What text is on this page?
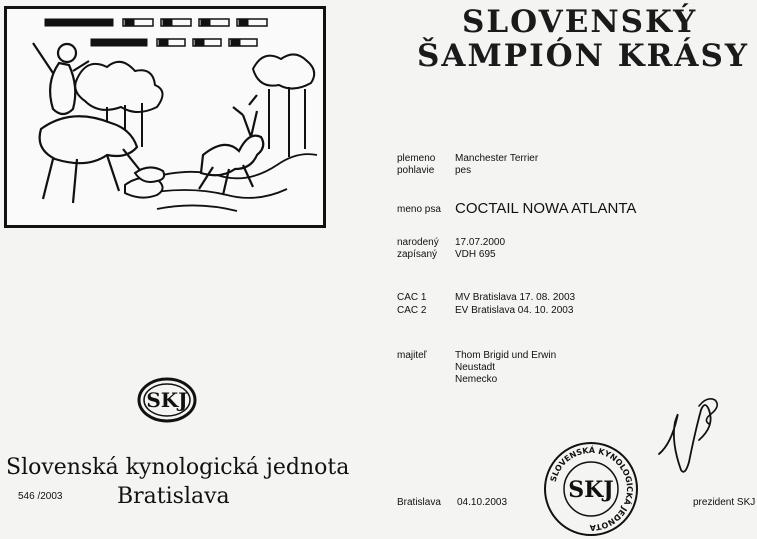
SLOVENSKÝ
ŠAMPIÓN KRÁSY
plemeno Manchester Terrier
pohlavie pes
meno psa COCTAIL NOWA ATLANTA
narodený 17.07.2000
zapísaný VDH 695
CAC 1	MV Bratislava 17. 08. 2003
CAC 2	EV Bratislava 04. 10. 2003
majiteľ	Thom Brigid und Erwin
Neustadt
Nemecko
SKJ
Slovenská kynologická jednota
Bratislava
546 /2003
Bratislava 04.10.2003	prezident SKJ
SLOVENSKÁ KYNOLOGICKÁ JEDNOTA
SKJ
